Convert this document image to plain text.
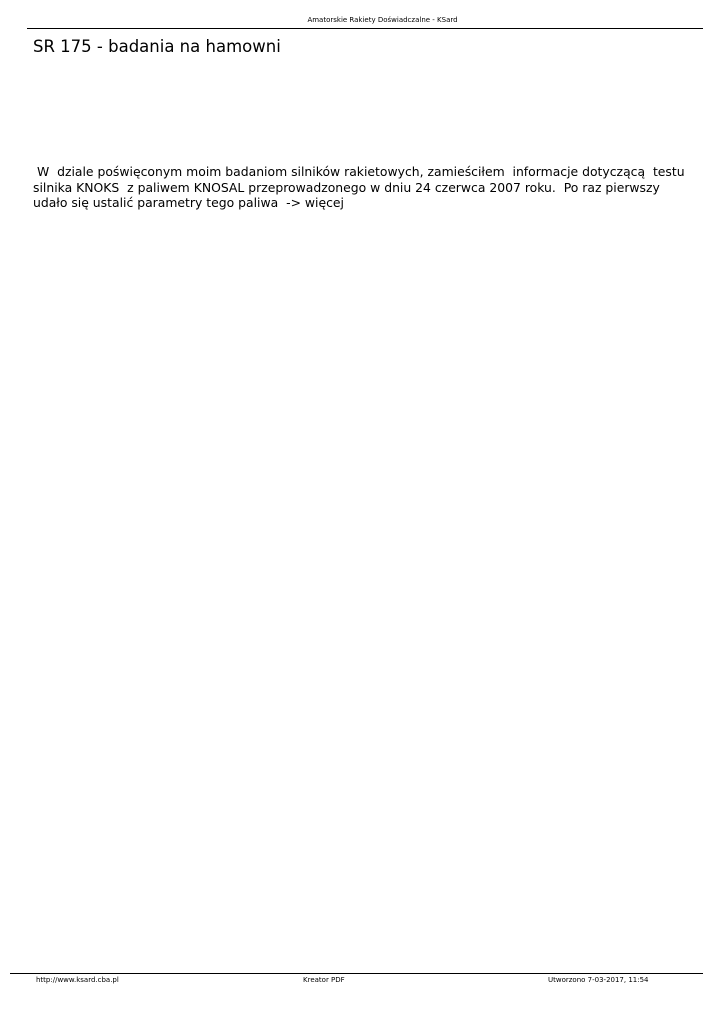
Amatorskie Rakiety Doświadczalne - KSard
SR 175 - badania na hamowni

W  dziale poświęconym moim badaniom silników rakietowych, zamieściłem  informacje dotyczącą  testu silnika KNOKS  z paliwem KNOSAL przeprowadzonego w dniu 24 czerwca 2007 roku.  Po raz pierwszy udało się ustalić parametry tego paliwa  -> więcej

http://www.ksard.cba.pl	Kreator PDF	Utworzono 7-03-2017, 11:54
